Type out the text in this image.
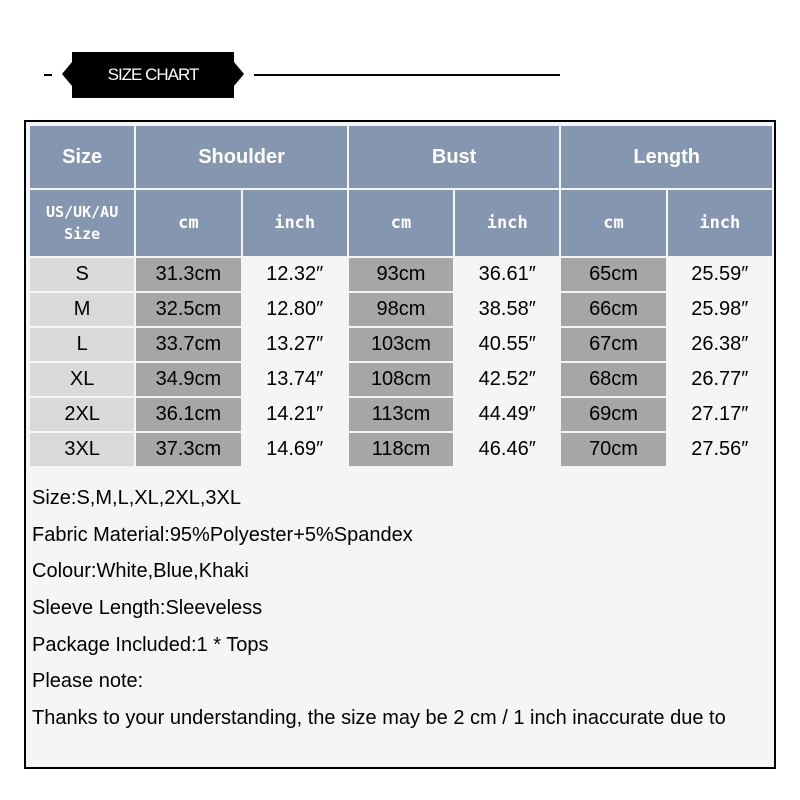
SIZE CHART
Size	Shoulder		Bust		Length	
US/UK/AU
Size	cm	inch	cm	inch	cm	inch
S	31.3cm	12.32″	93cm	36.61″	65cm	25.59″
M	32.5cm	12.80″	98cm	38.58″	66cm	25.98″
L	33.7cm	13.27″	103cm	40.55″	67cm	26.38″
XL	34.9cm	13.74″	108cm	42.52″	68cm	26.77″
2XL	36.1cm	14.21″	113cm	44.49″	69cm	27.17″
3XL	37.3cm	14.69″	118cm	46.46″	70cm	27.56″
Size:S,M,L,XL,2XL,3XL
Fabric Material:95%Polyester+5%Spandex
Colour:White,Blue,Khaki
Sleeve Length:Sleeveless
Package Included:1 * Tops
Please note:
Thanks to your understanding, the size may be 2 cm / 1 inch inaccurate due to
